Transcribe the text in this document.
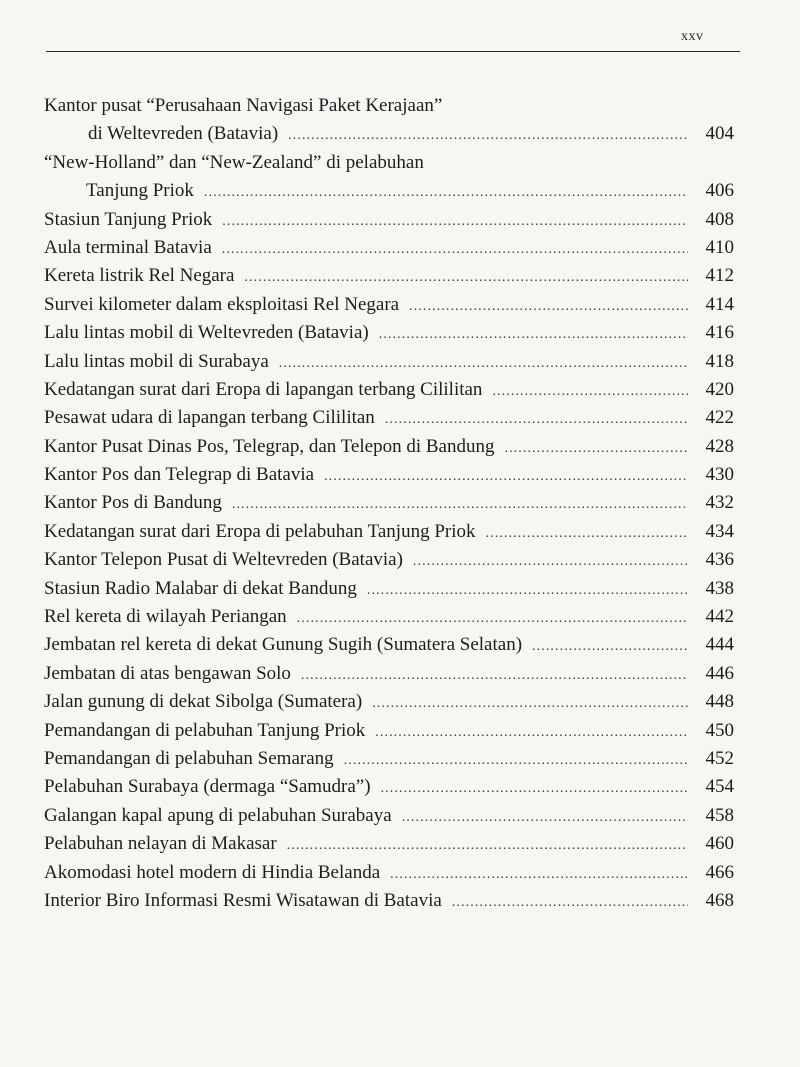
xxv
Kantor pusat “Perusahaan Navigasi Paket Kerajaan”
di Weltevreden (Batavia) . . .	404
“New-Holland” dan “New-Zealand” di pelabuhan
Tanjung Priok . . .	406
Stasiun Tanjung Priok . . .	408
Aula terminal Batavia . . .	410
Kereta listrik Rel Negara . . .	412
Survei kilometer dalam eksploitasi Rel Negara . . .	414
Lalu lintas mobil di Weltevreden (Batavia) . . .	416
Lalu lintas mobil di Surabaya . . .	418
Kedatangan surat dari Eropa di lapangan terbang Cililitan . . .	420
Pesawat udara di lapangan terbang Cililitan . . .	422
Kantor Pusat Dinas Pos, Telegrap, dan Telepon di Bandung . . .	428
Kantor Pos dan Telegrap di Batavia . . .	430
Kantor Pos di Bandung . . .	432
Kedatangan surat dari Eropa di pelabuhan Tanjung Priok . . .	434
Kantor Telepon Pusat di Weltevreden (Batavia) . . .	436
Stasiun Radio Malabar di dekat Bandung . . .	438
Rel kereta di wilayah Periangan . . .	442
Jembatan rel kereta di dekat Gunung Sugih (Sumatera Selatan) . . .	444
Jembatan di atas bengawan Solo . . .	446
Jalan gunung di dekat Sibolga (Sumatera) . . .	448
Pemandangan di pelabuhan Tanjung Priok . . .	450
Pemandangan di pelabuhan Semarang . . .	452
Pelabuhan Surabaya (dermaga “Samudra”) . . .	454
Galangan kapal apung di pelabuhan Surabaya . . .	458
Pelabuhan nelayan di Makasar . . .	460
Akomodasi hotel modern di Hindia Belanda . . .	466
Interior Biro Informasi Resmi Wisatawan di Batavia . . .	468
